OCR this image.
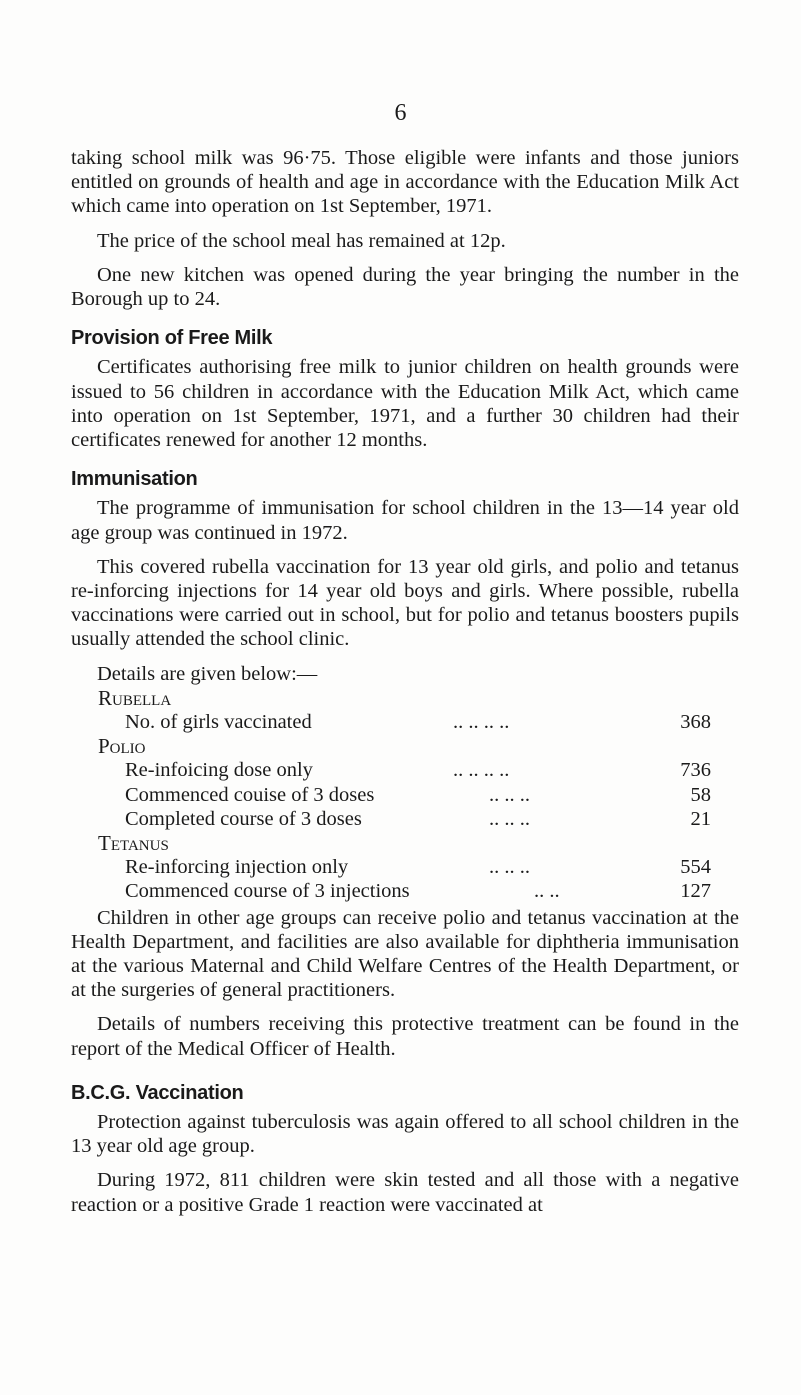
6

taking school milk was 96·75. Those eligible were infants and those juniors entitled on grounds of health and age in accordance with the Education Milk Act which came into operation on 1st September, 1971.

The price of the school meal has remained at 12p.

One new kitchen was opened during the year bringing the number in the Borough up to 24.

Provision of Free Milk

Certificates authorising free milk to junior children on health grounds were issued to 56 children in accordance with the Education Milk Act, which came into operation on 1st September, 1971, and a further 30 children had their certificates renewed for another 12 months.

Immunisation

The programme of immunisation for school children in the 13—14 year old age group was continued in 1972.

This covered rubella vaccination for 13 year old girls, and polio and tetanus re-inforcing injections for 14 year old boys and girls. Where possible, rubella vaccinations were carried out in school, but for polio and tetanus boosters pupils usually attended the school clinic.

Details are given below:—

Rubella
No. of girls vaccinated	.. .. .. ..	368
Polio
Re-infoicing dose only	.. .. .. ..	736
Commenced couise of 3 doses	.. .. ..	58
Completed course of 3 doses	.. .. ..	21
Tetanus
Re-inforcing injection only	.. .. ..	554
Commenced course of 3 injections	.. ..	127

Children in other age groups can receive polio and tetanus vaccination at the Health Department, and facilities are also available for diphtheria immunisation at the various Maternal and Child Welfare Centres of the Health Department, or at the surgeries of general practitioners.

Details of numbers receiving this protective treatment can be found in the report of the Medical Officer of Health.

B.C.G. Vaccination

Protection against tuberculosis was again offered to all school children in the 13 year old age group.

During 1972, 811 children were skin tested and all those with a negative reaction or a positive Grade 1 reaction were vaccinated at
